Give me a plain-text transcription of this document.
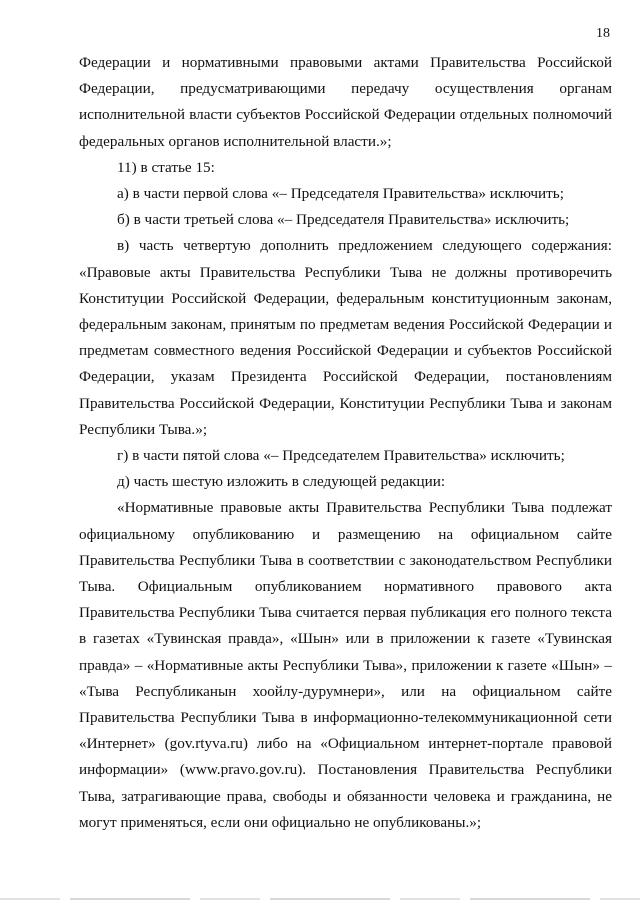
18

Федерации и нормативными правовыми актами Правительства Российской Федерации, предусматривающими передачу осуществления органам исполнительной власти субъектов Российской Федерации отдельных полномочий федеральных органов исполнительной власти.»;

11) в статье 15:

а) в части первой слова «– Председателя Правительства» исключить;

б) в части третьей слова «– Председателя Правительства» исключить;

в) часть четвертую дополнить предложением следующего содержания: «Правовые акты Правительства Республики Тыва не должны противоречить Конституции Российской Федерации, федеральным конституционным законам, федеральным законам, принятым по предметам ведения Российской Федерации и предметам совместного ведения Российской Федерации и субъектов Российской Федерации, указам Президента Российской Федерации, постановлениям Правительства Российской Федерации, Конституции Республики Тыва и законам Республики Тыва.»;

г) в части пятой слова «– Председателем Правительства» исключить;

д) часть шестую изложить в следующей редакции:

«Нормативные правовые акты Правительства Республики Тыва подлежат официальному опубликованию и размещению на официальном сайте Правительства Республики Тыва в соответствии с законодательством Республики Тыва. Официальным опубликованием нормативного правового акта Правительства Республики Тыва считается первая публикация его полного текста в газетах «Тувинская правда», «Шын» или в приложении к газете «Тувинская правда» – «Нормативные акты Республики Тыва», приложении к газете «Шын» – «Тыва Республиканын хоойлу-дурумнери», или на официальном сайте Правительства Республики Тыва в информационно-телекоммуникационной сети «Интернет» (gov.rtyva.ru) либо на «Официальном интернет-портале правовой информации» (www.pravo.gov.ru). Постановления Правительства Республики Тыва, затрагивающие права, свободы и обязанности человека и гражданина, не могут применяться, если они официально не опубликованы.»;
